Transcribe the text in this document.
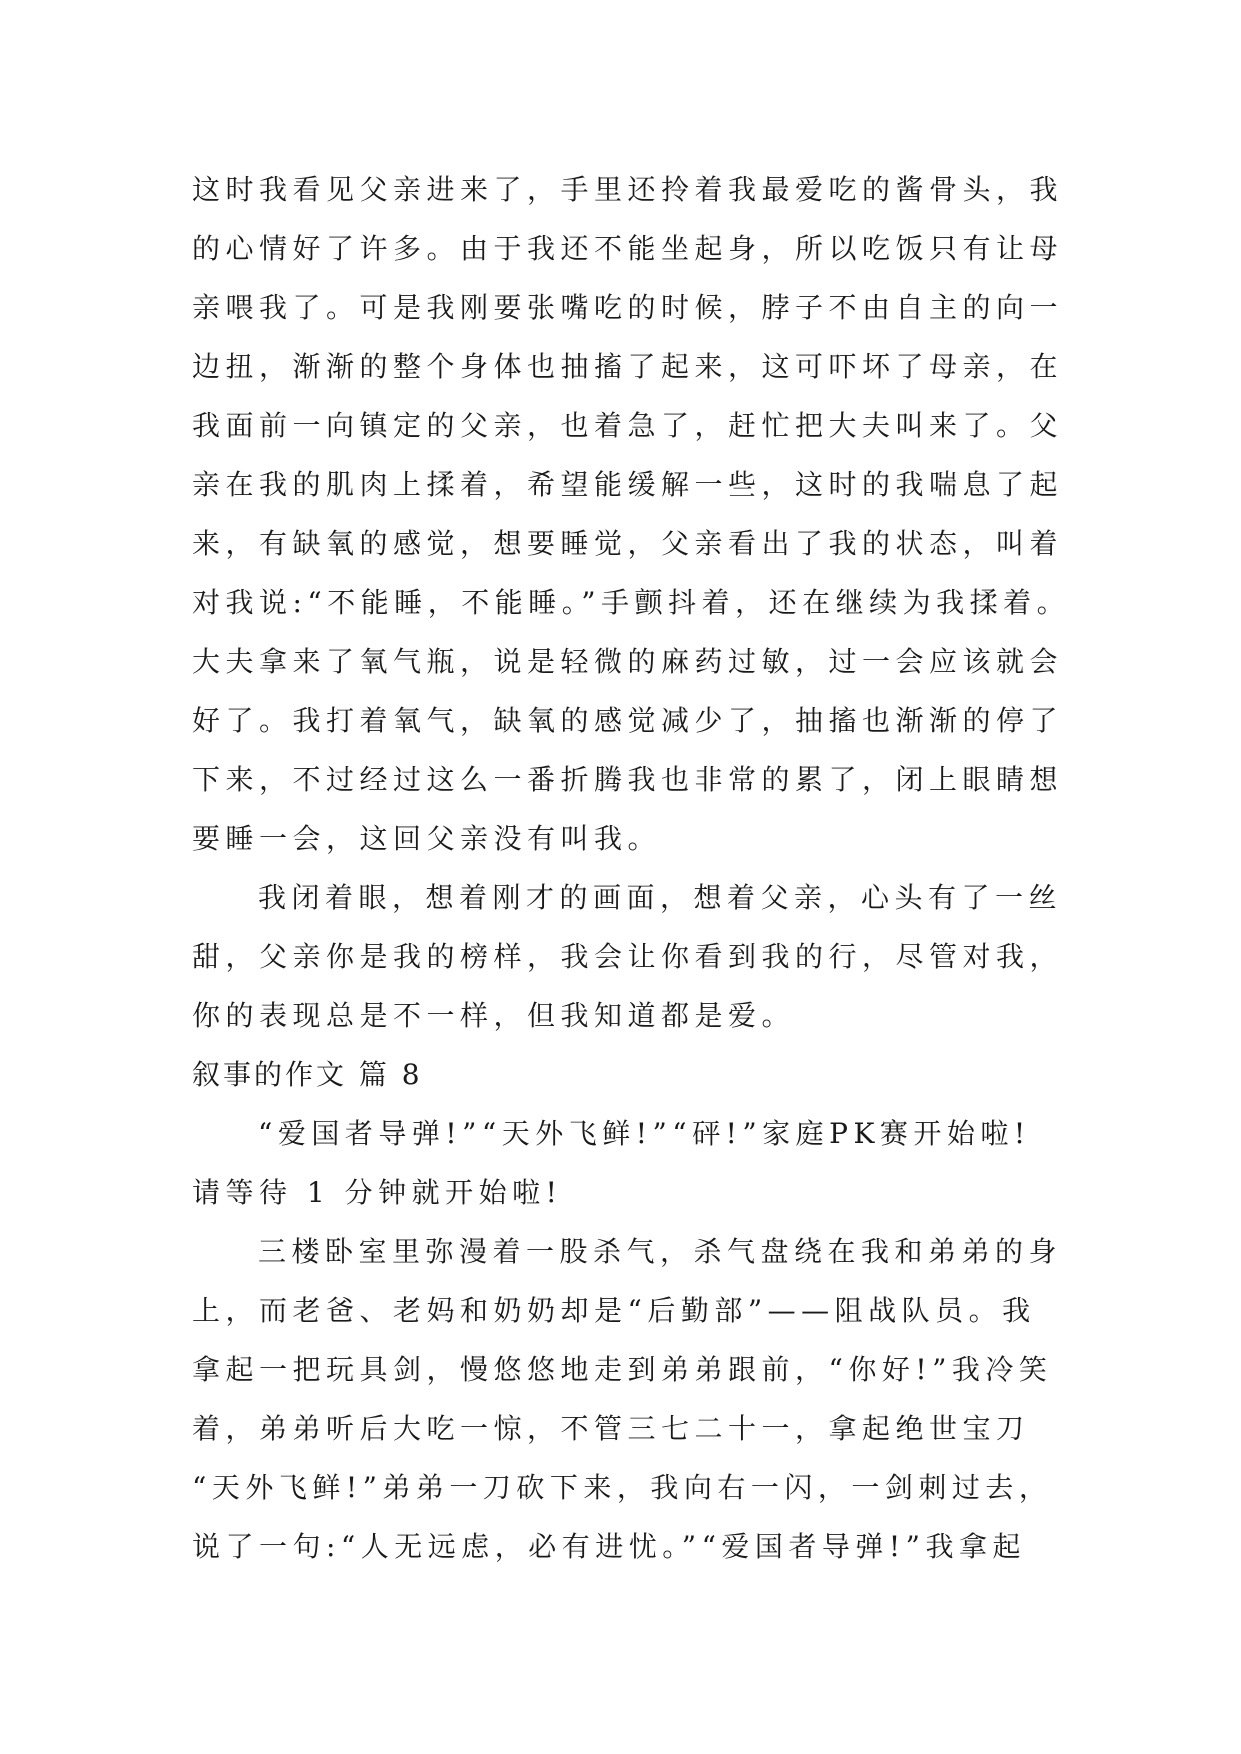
这时我看见父亲进来了，手里还拎着我最爱吃的酱骨头，我
的心情好了许多。由于我还不能坐起身，所以吃饭只有让母
亲喂我了。可是我刚要张嘴吃的时候，脖子不由自主的向一
边扭，渐渐的整个身体也抽搐了起来，这可吓坏了母亲，在
我面前一向镇定的父亲，也着急了，赶忙把大夫叫来了。父
亲在我的肌肉上揉着，希望能缓解一些，这时的我喘息了起
来，有缺氧的感觉，想要睡觉，父亲看出了我的状态，叫着
对我说:“不能睡，不能睡。”手颤抖着，还在继续为我揉着。
大夫拿来了氧气瓶，说是轻微的麻药过敏，过一会应该就会
好了。我打着氧气，缺氧的感觉减少了，抽搐也渐渐的停了
下来，不过经过这么一番折腾我也非常的累了，闭上眼睛想
要睡一会，这回父亲没有叫我。
我闭着眼，想着刚才的画面，想着父亲，心头有了一丝
甜，父亲你是我的榜样，我会让你看到我的行，尽管对我，
你的表现总是不一样，但我知道都是爱。
叙事的作文 篇 8
“爱国者导弹!”“天外飞鲜!”“砰!”家庭PK赛开始啦!
请等待 1 分钟就开始啦!
三楼卧室里弥漫着一股杀气，杀气盘绕在我和弟弟的身
上，而老爸、老妈和奶奶却是“后勤部”——阻战队员。我
拿起一把玩具剑，慢悠悠地走到弟弟跟前，“你好!”我冷笑
着，弟弟听后大吃一惊，不管三七二十一，拿起绝世宝刀
“天外飞鲜!”弟弟一刀砍下来，我向右一闪，一剑刺过去，
说了一句:“人无远虑，必有进忧。”“爱国者导弹!”我拿起
